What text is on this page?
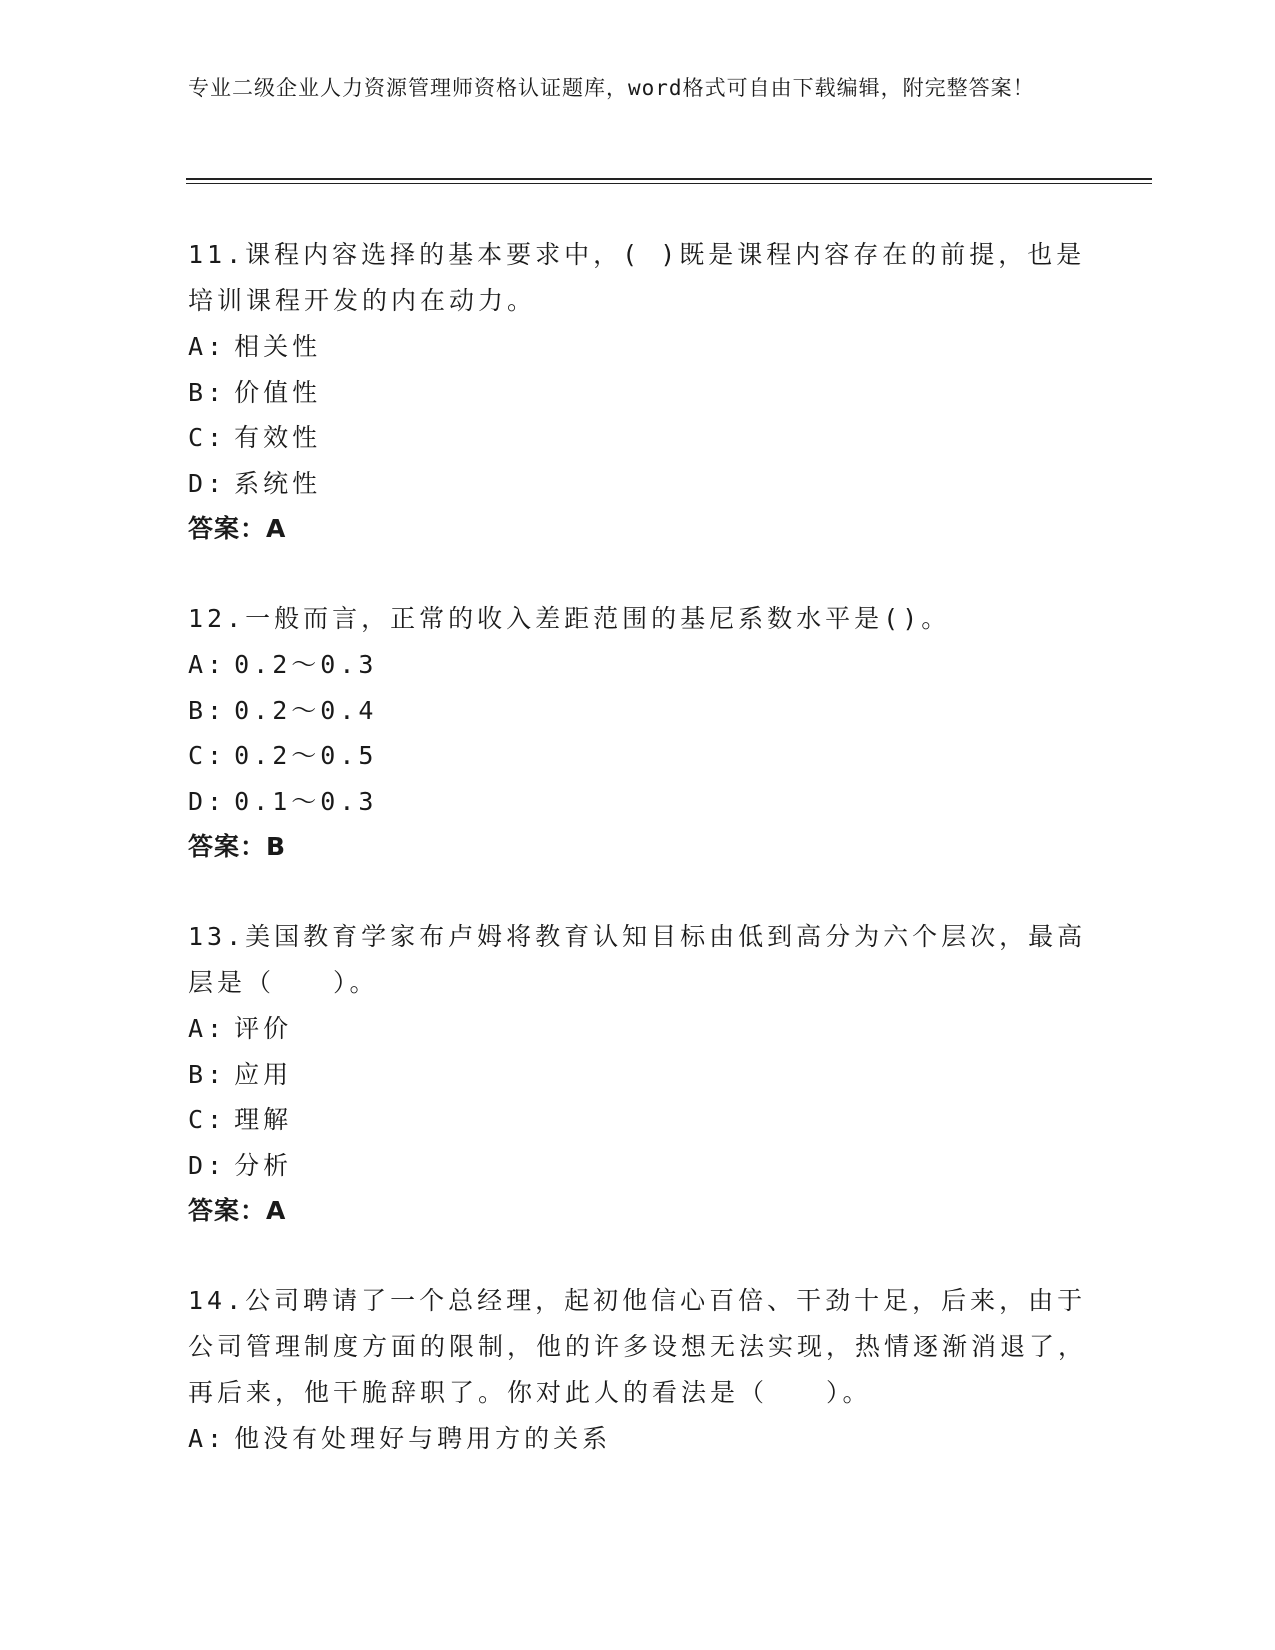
专业二级企业人力资源管理师资格认证题库，word格式可自由下载编辑，附完整答案！
11.课程内容选择的基本要求中，( )既是课程内容存在的前提，也是培训课程开发的内在动力。
A: 相关性
B: 价值性
C: 有效性
D: 系统性
答案：A
12.一般而言，正常的收入差距范围的基尼系数水平是()。
A: 0.2～0.3
B: 0.2～0.4
C: 0.2～0.5
D: 0.1～0.3
答案：B
13.美国教育学家布卢姆将教育认知目标由低到高分为六个层次，最高层是（　　）。
A: 评价
B: 应用
C: 理解
D: 分析
答案：A
14.公司聘请了一个总经理，起初他信心百倍、干劲十足，后来，由于公司管理制度方面的限制，他的许多设想无法实现，热情逐渐消退了，再后来，他干脆辞职了。你对此人的看法是（　　）。
A: 他没有处理好与聘用方的关系
